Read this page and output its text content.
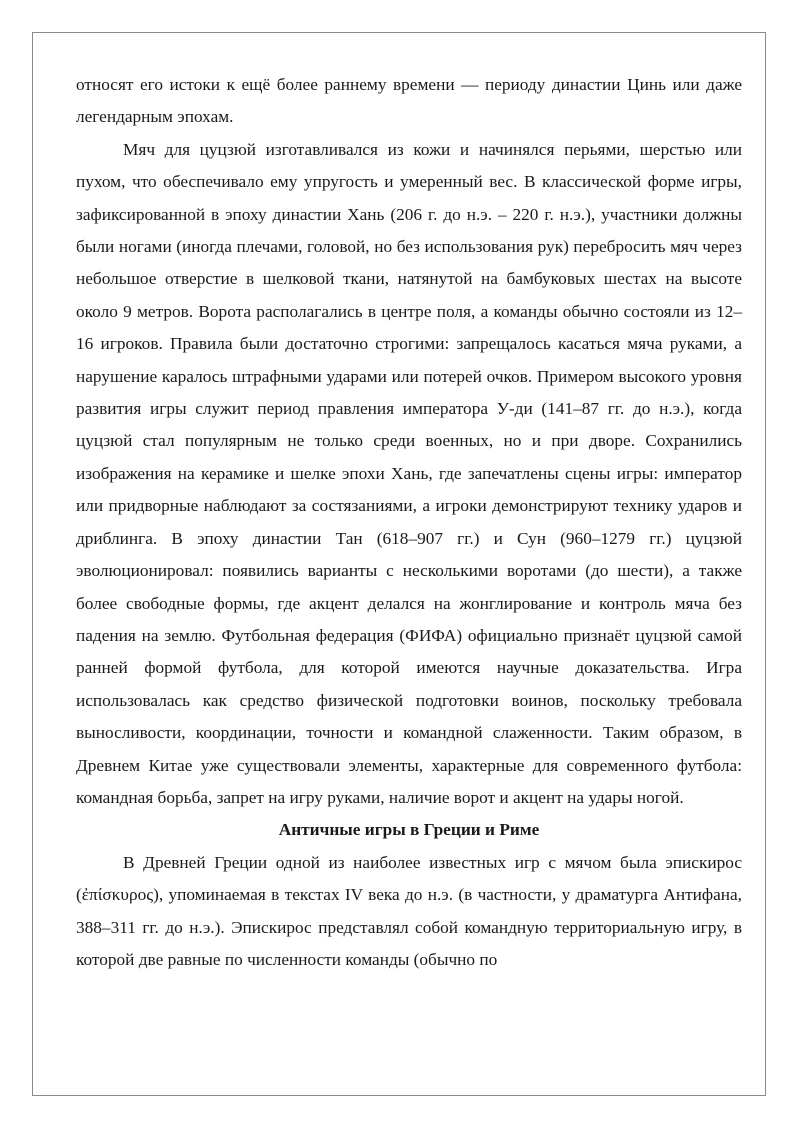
относят его истоки к ещё более раннему времени — периоду династии Цинь или даже легендарным эпохам.

Мяч для цуцзюй изготавливался из кожи и начинялся перьями, шерстью или пухом, что обеспечивало ему упругость и умеренный вес. В классической форме игры, зафиксированной в эпоху династии Хань (206 г. до н.э. – 220 г. н.э.), участники должны были ногами (иногда плечами, головой, но без использования рук) перебросить мяч через небольшое отверстие в шелковой ткани, натянутой на бамбуковых шестах на высоте около 9 метров. Ворота располагались в центре поля, а команды обычно состояли из 12–16 игроков. Правила были достаточно строгими: запрещалось касаться мяча руками, а нарушение каралось штрафными ударами или потерей очков. Примером высокого уровня развития игры служит период правления императора У-ди (141–87 гг. до н.э.), когда цуцзюй стал популярным не только среди военных, но и при дворе. Сохранились изображения на керамике и шелке эпохи Хань, где запечатлены сцены игры: император или придворные наблюдают за состязаниями, а игроки демонстрируют технику ударов и дриблинга. В эпоху династии Тан (618–907 гг.) и Сун (960–1279 гг.) цуцзюй эволюционировал: появились варианты с несколькими воротами (до шести), а также более свободные формы, где акцент делался на жонглирование и контроль мяча без падения на землю. Футбольная федерация (ФИФА) официально признаёт цуцзюй самой ранней формой футбола, для которой имеются научные доказательства. Игра использовалась как средство физической подготовки воинов, поскольку требовала выносливости, координации, точности и командной слаженности. Таким образом, в Древнем Китае уже существовали элементы, характерные для современного футбола: командная борьба, запрет на игру руками, наличие ворот и акцент на удары ногой.

Античные игры в Греции и Риме

В Древней Греции одной из наиболее известных игр с мячом была эпискирос (ἐπίσκυρος), упоминаемая в текстах IV века до н.э. (в частности, у драматурга Антифана, 388–311 гг. до н.э.). Эпискирос представлял собой командную территориальную игру, в которой две равные по численности команды (обычно по
